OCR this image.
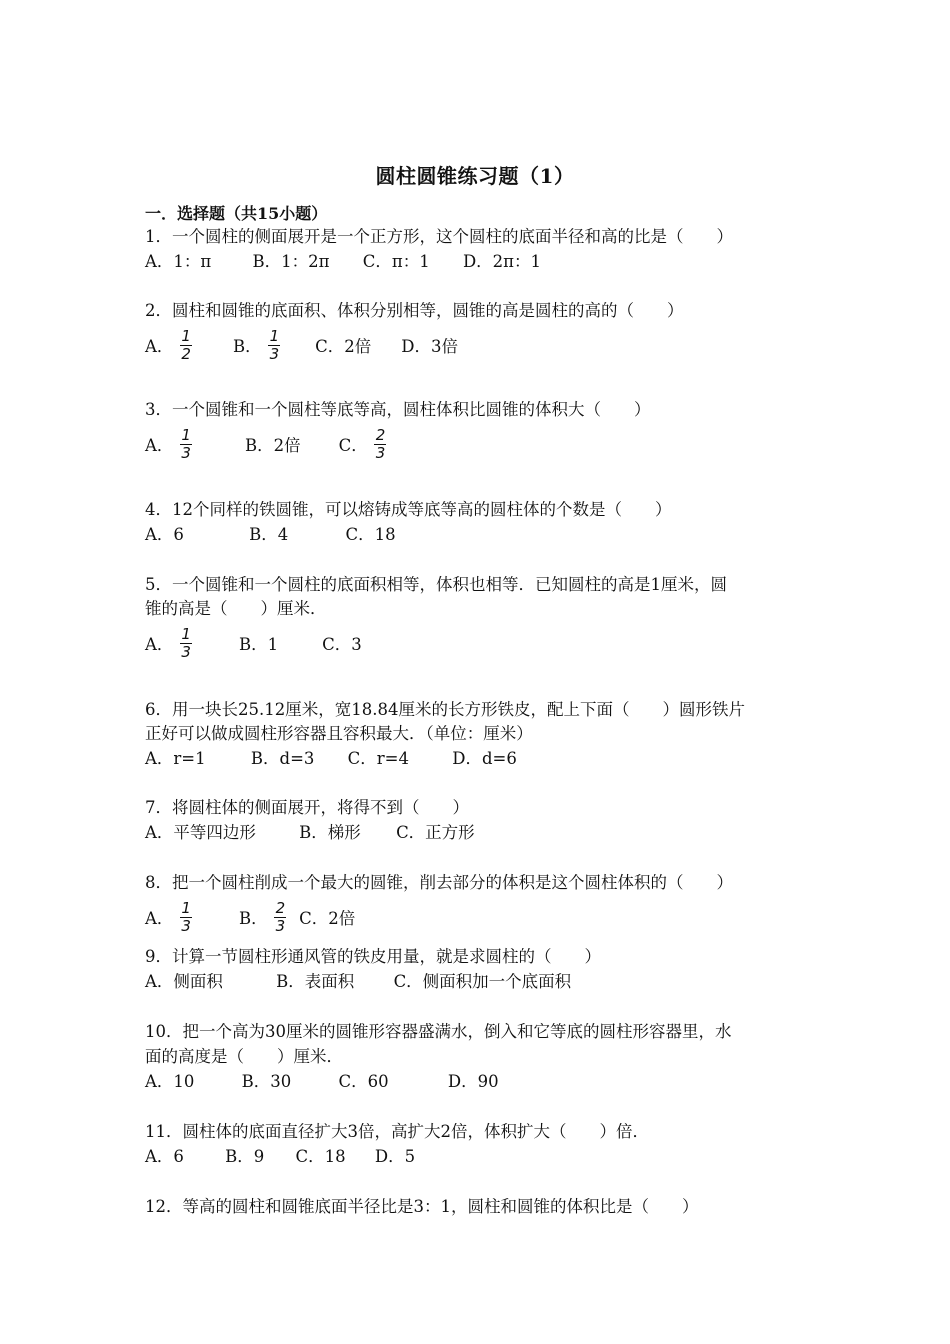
圆柱圆锥练习题（1）
一．选择题（共15小题）
1．一个圆柱的侧面展开是一个正方形，这个圆柱的底面半径和高的比是（　　）
A．1：π	B．1：2π C．π：1 D．2π：1
2．圆柱和圆锥的底面积、体积分别相等，圆锥的高是圆柱的高的（　　）
A． $\frac{1}{2}$ B． $\frac{1}{3}$ C．2倍 D．3倍
3．一个圆锥和一个圆柱等底等高，圆柱体积比圆锥的体积大（　　）
A． $\frac{1}{3}$	B．2倍 C． $\frac{2}{3}$
4．12个同样的铁圆锥，可以熔铸成等底等高的圆柱体的个数是（　　）
A．6	B．4	C．18
5．一个圆锥和一个圆柱的底面积相等，体积也相等．已知圆柱的高是1厘米，圆
锥的高是（　　）厘米．
A． $\frac{1}{3}$	B．1	C．3
6．用一块长25.12厘米，宽18.84厘米的长方形铁皮，配上下面（　　）圆形铁片
正好可以做成圆柱形容器且容积最大．（单位：厘米）
A．r=1	B．d=3 C．r=4	D．d=6
7．将圆柱体的侧面展开，将得不到（　　）
A．平等四边形	B．梯形 C．正方形
8．把一个圆柱削成一个最大的圆锥，削去部分的体积是这个圆柱体积的（　　）
A． $\frac{1}{3}$	B． $\frac{2}{3}$ C．2倍
9．计算一节圆柱形通风管的铁皮用量，就是求圆柱的（　　）
A．侧面积	B．表面积 C．侧面积加一个底面积
10．把一个高为30厘米的圆锥形容器盛满水，倒入和它等底的圆柱形容器里，水
面的高度是（　　）厘米．
A．10	B．30	C．60	D．90
11．圆柱体的底面直径扩大3倍，高扩大2倍，体积扩大（　　）倍．
A．6	B．9 C．18 D．5
12．等高的圆柱和圆锥底面半径比是3：1，圆柱和圆锥的体积比是（　　）
